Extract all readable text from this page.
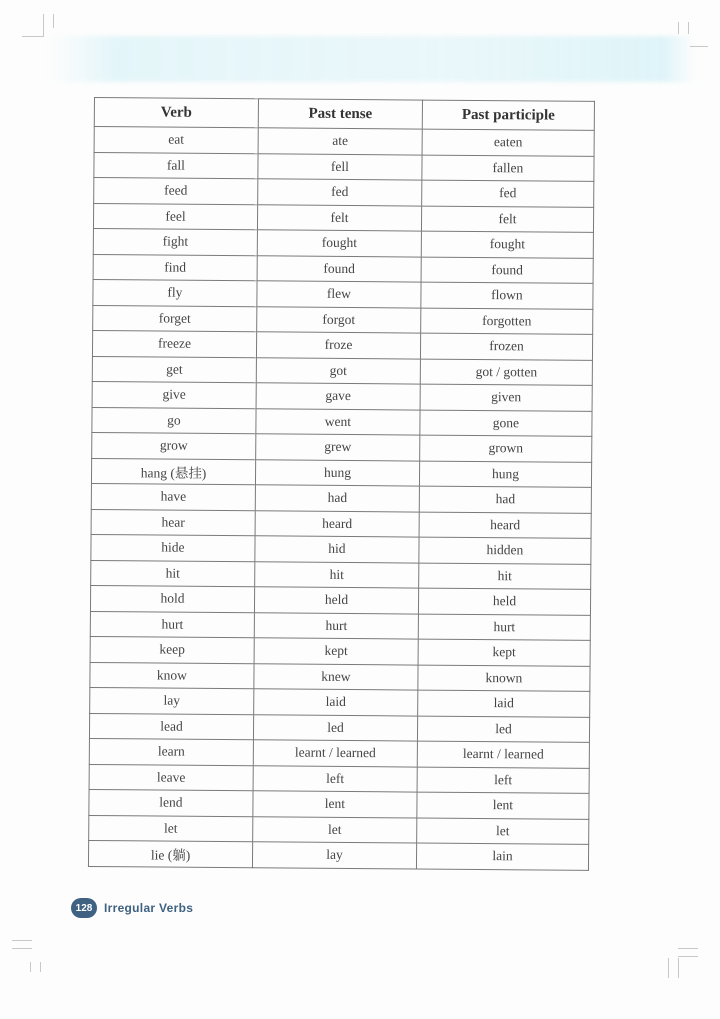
Verb	Past tense	Past participle
eat	ate	eaten
fall	fell	fallen
feed	fed	fed
feel	felt	felt
fight	fought	fought
find	found	found
fly	flew	flown
forget	forgot	forgotten
freeze	froze	frozen
get	got	got / gotten
give	gave	given
go	went	gone
grow	grew	grown
hang (悬挂)	hung	hung
have	had	had
hear	heard	heard
hide	hid	hidden
hit	hit	hit
hold	held	held
hurt	hurt	hurt
keep	kept	kept
know	knew	known
lay	laid	laid
lead	led	led
learn	learnt / learned	learnt / learned
leave	left	left
lend	lent	lent
let	let	let
lie (躺)	lay	lain
128 Irregular Verbs
